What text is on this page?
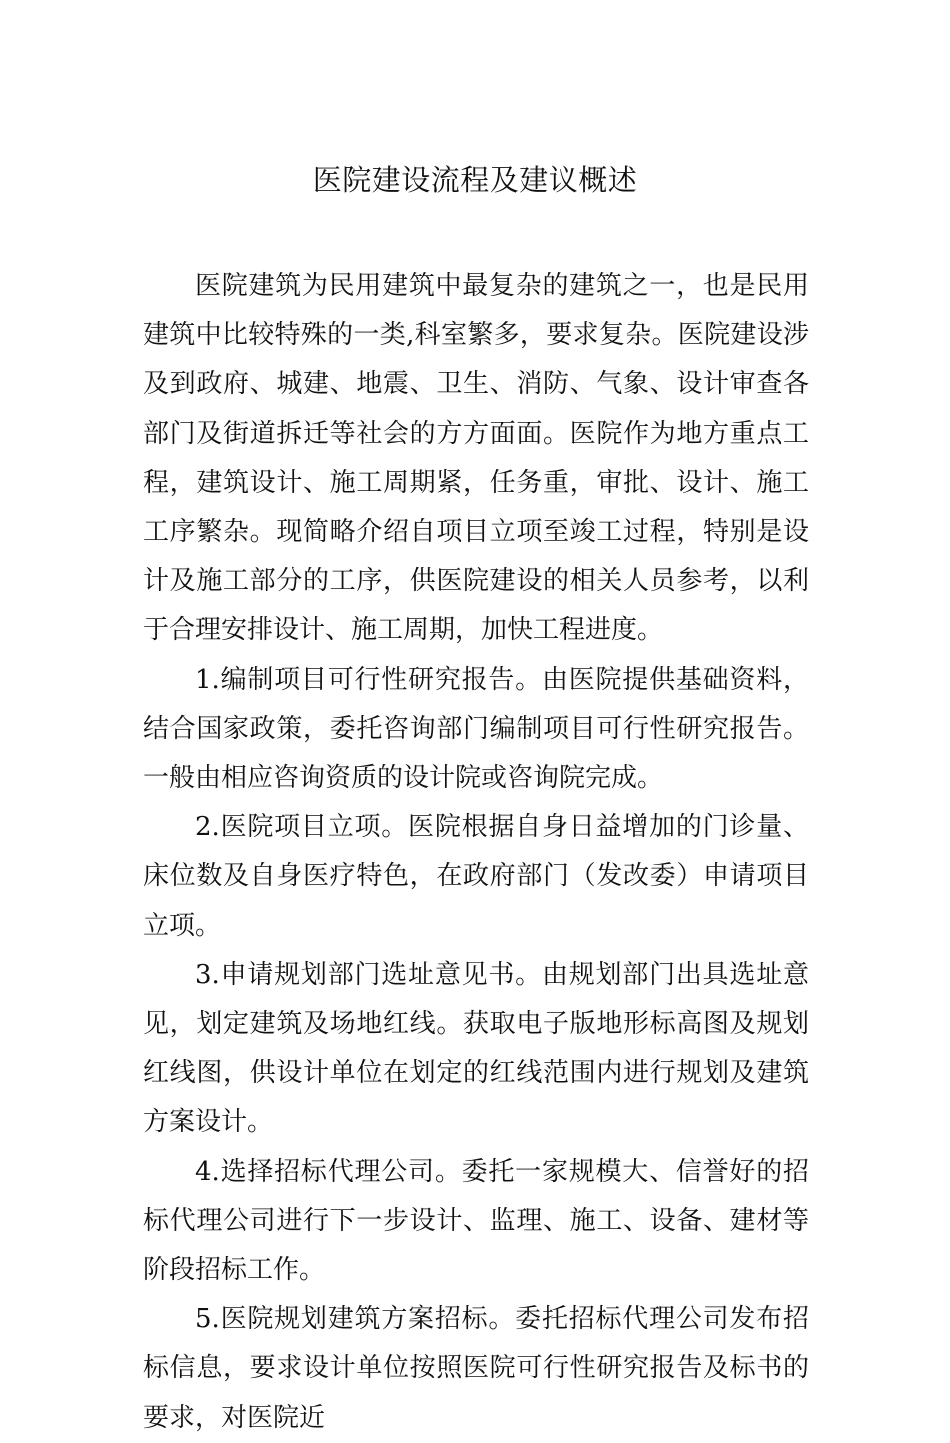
医院建设流程及建议概述

医院建筑为民用建筑中最复杂的建筑之一，也是民用建筑中比较特殊的一类,科室繁多，要求复杂。医院建设涉及到政府、城建、地震、卫生、消防、气象、设计审查各部门及街道拆迁等社会的方方面面。医院作为地方重点工程，建筑设计、施工周期紧，任务重，审批、设计、施工工序繁杂。现简略介绍自项目立项至竣工过程，特别是设计及施工部分的工序，供医院建设的相关人员参考，以利于合理安排设计、施工周期，加快工程进度。

1.编制项目可行性研究报告。由医院提供基础资料，结合国家政策，委托咨询部门编制项目可行性研究报告。一般由相应咨询资质的设计院或咨询院完成。

2.医院项目立项。医院根据自身日益增加的门诊量、床位数及自身医疗特色，在政府部门（发改委）申请项目立项。

3.申请规划部门选址意见书。由规划部门出具选址意见，划定建筑及场地红线。获取电子版地形标高图及规划红线图，供设计单位在划定的红线范围内进行规划及建筑方案设计。

4.选择招标代理公司。委托一家规模大、信誉好的招标代理公司进行下一步设计、监理、施工、设备、建材等阶段招标工作。

5.医院规划建筑方案招标。委托招标代理公司发布招标信息，要求设计单位按照医院可行性研究报告及标书的要求，对医院近
